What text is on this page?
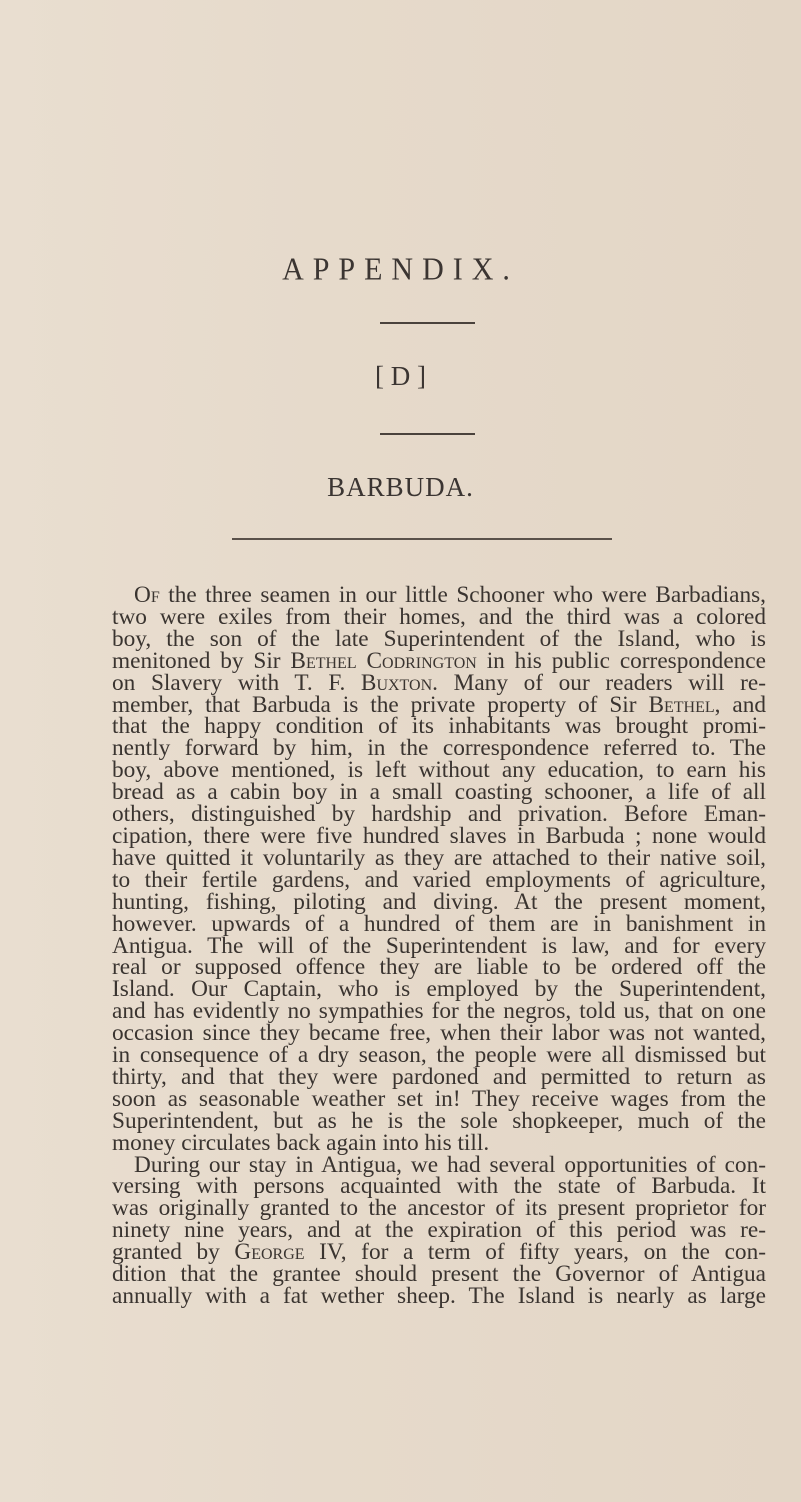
APPENDIX.
[ D ]
BARBUDA.
Of the three seamen in our little Schooner who were Barbadians,
two were exiles from their homes, and the third was a colored
boy, the son of the late Superintendent of the Island, who is
menitoned by Sir Bethel Codrington in his public correspondence
on Slavery with T. F. Buxton. Many of our readers will re-
member, that Barbuda is the private property of Sir Bethel, and
that the happy condition of its inhabitants was brought promi-
nently forward by him, in the correspondence referred to. The
boy, above mentioned, is left without any education, to earn his
bread as a cabin boy in a small coasting schooner, a life of all
others, distinguished by hardship and privation. Before Eman-
cipation, there were five hundred slaves in Barbuda ; none would
have quitted it voluntarily as they are attached to their native soil,
to their fertile gardens, and varied employments of agriculture,
hunting, fishing, piloting and diving. At the present moment,
however. upwards of a hundred of them are in banishment in
Antigua. The will of the Superintendent is law, and for every
real or supposed offence they are liable to be ordered off the
Island. Our Captain, who is employed by the Superintendent,
and has evidently no sympathies for the negros, told us, that on one
occasion since they became free, when their labor was not wanted,
in consequence of a dry season, the people were all dismissed but
thirty, and that they were pardoned and permitted to return as
soon as seasonable weather set in! They receive wages from the
Superintendent, but as he is the sole shopkeeper, much of the
money circulates back again into his till.
During our stay in Antigua, we had several opportunities of con-
versing with persons acquainted with the state of Barbuda. It
was originally granted to the ancestor of its present proprietor for
ninety nine years, and at the expiration of this period was re-
granted by George IV, for a term of fifty years, on the con-
dition that the grantee should present the Governor of Antigua
annually with a fat wether sheep. The Island is nearly as large
